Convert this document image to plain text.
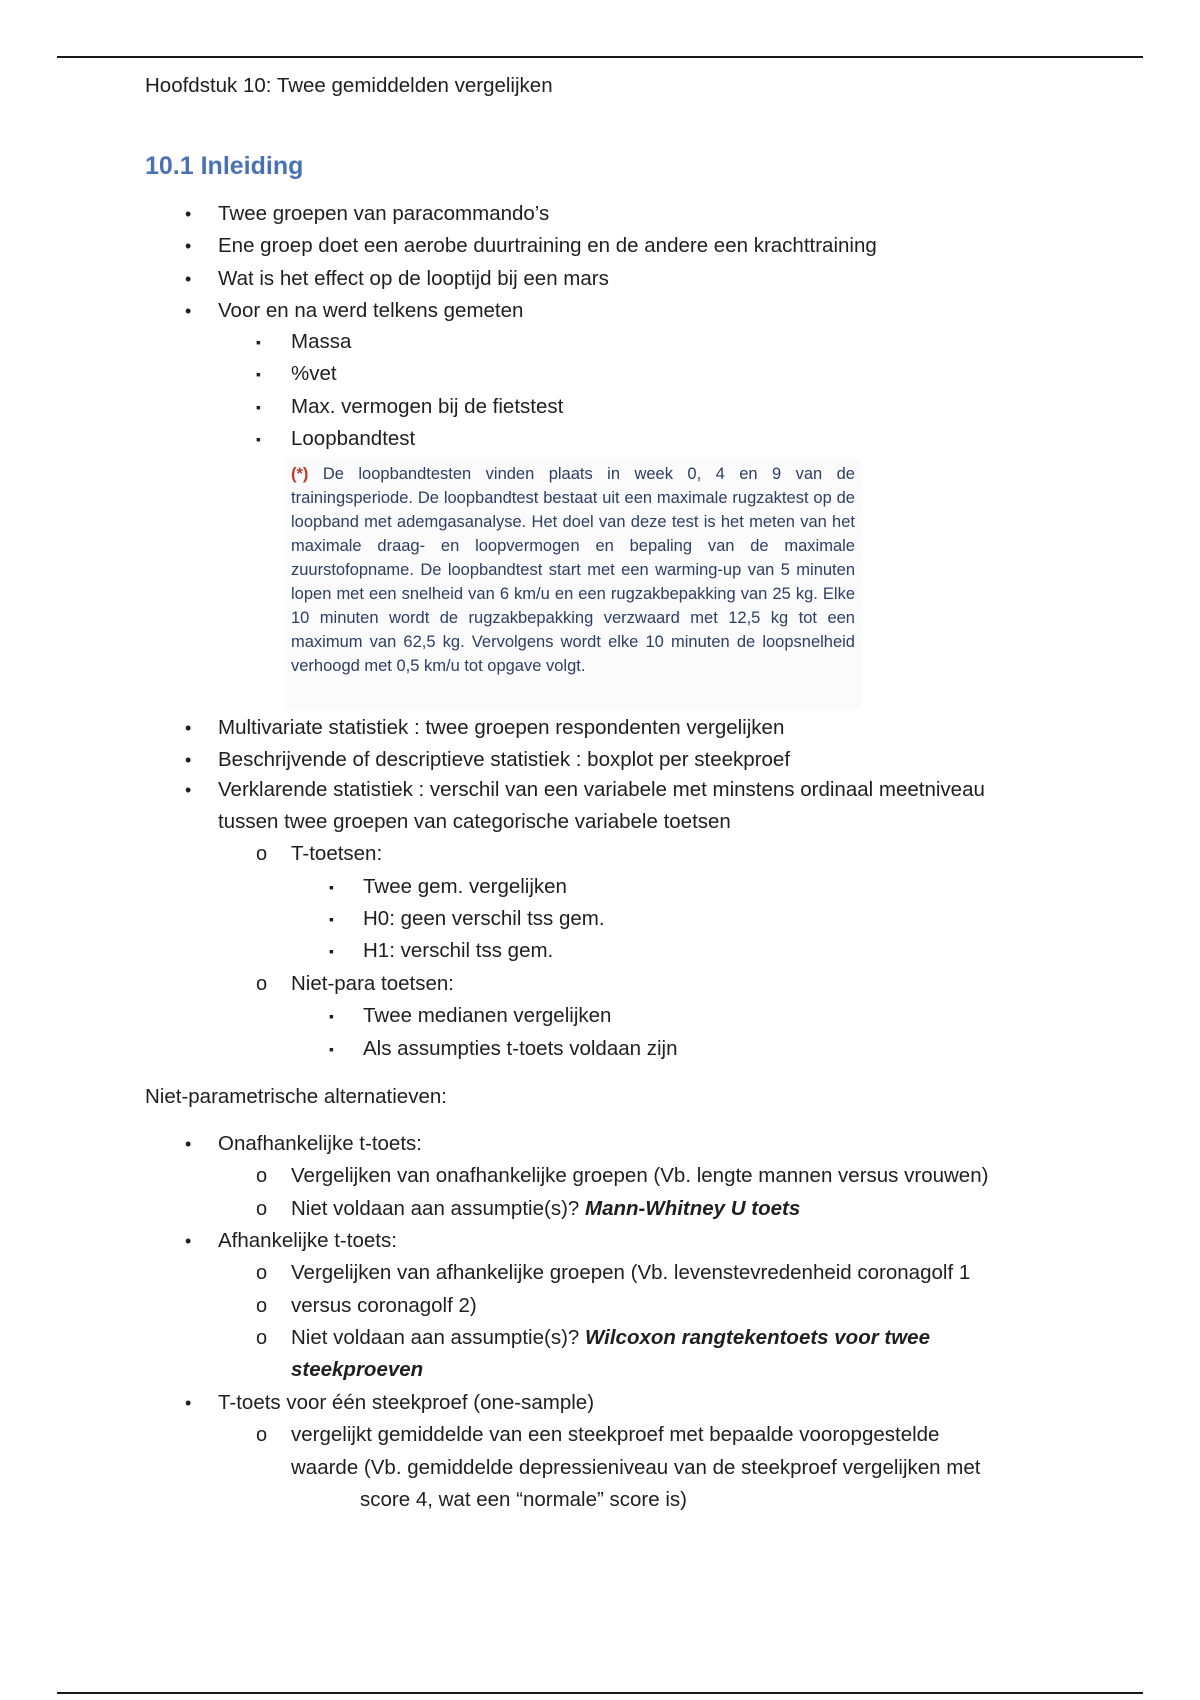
Hoofdstuk 10: Twee gemiddelden vergelijken
10.1 Inleiding
• Twee groepen van paracommando’s
• Ene groep doet een aerobe duurtraining en de andere een krachttraining
• Wat is het effect op de looptijd bij een mars
• Voor en na werd telkens gemeten
▪ Massa
▪ %vet
▪ Max. vermogen bij de fietstest
▪ Loopbandtest
(*) De loopbandtesten vinden plaats in week 0, 4 en 9 van de trainingsperiode. De loopbandtest bestaat uit een maximale rugzaktest op de loopband met ademgasanalyse. Het doel van deze test is het meten van het maximale draag- en loopvermogen en bepaling van de maximale zuurstofopname. De loopbandtest start met een warming-up van 5 minuten lopen met een snelheid van 6 km/u en een rugzakbepakking van 25 kg. Elke 10 minuten wordt de rugzakbepakking verzwaard met 12,5 kg tot een maximum van 62,5 kg. Vervolgens wordt elke 10 minuten de loopsnelheid verhoogd met 0,5 km/u tot opgave volgt.
• Multivariate statistiek : twee groepen respondenten vergelijken
• Beschrijvende of descriptieve statistiek : boxplot per steekproef
• Verklarende statistiek : verschil van een variabele met minstens ordinaal meetniveau
tussen twee groepen van categorische variabele toetsen
o T-toetsen:
▪ Twee gem. vergelijken
▪ H0: geen verschil tss gem.
▪ H1: verschil tss gem.
o Niet-para toetsen:
▪ Twee medianen vergelijken
▪ Als assumpties t-toets voldaan zijn
Niet-parametrische alternatieven:
• Onafhankelijke t-toets:
o Vergelijken van onafhankelijke groepen (Vb. lengte mannen versus vrouwen)
o Niet voldaan aan assumptie(s)? Mann-Whitney U toets
• Afhankelijke t-toets:
o Vergelijken van afhankelijke groepen (Vb. levenstevredenheid coronagolf 1
o versus coronagolf 2)
o Niet voldaan aan assumptie(s)? Wilcoxon rangtekentoets voor twee
steekproeven
• T-toets voor één steekproef (one-sample)
o vergelijkt gemiddelde van een steekproef met bepaalde vooropgestelde
waarde (Vb. gemiddelde depressieniveau van de steekproef vergelijken met
score 4, wat een “normale” score is)
